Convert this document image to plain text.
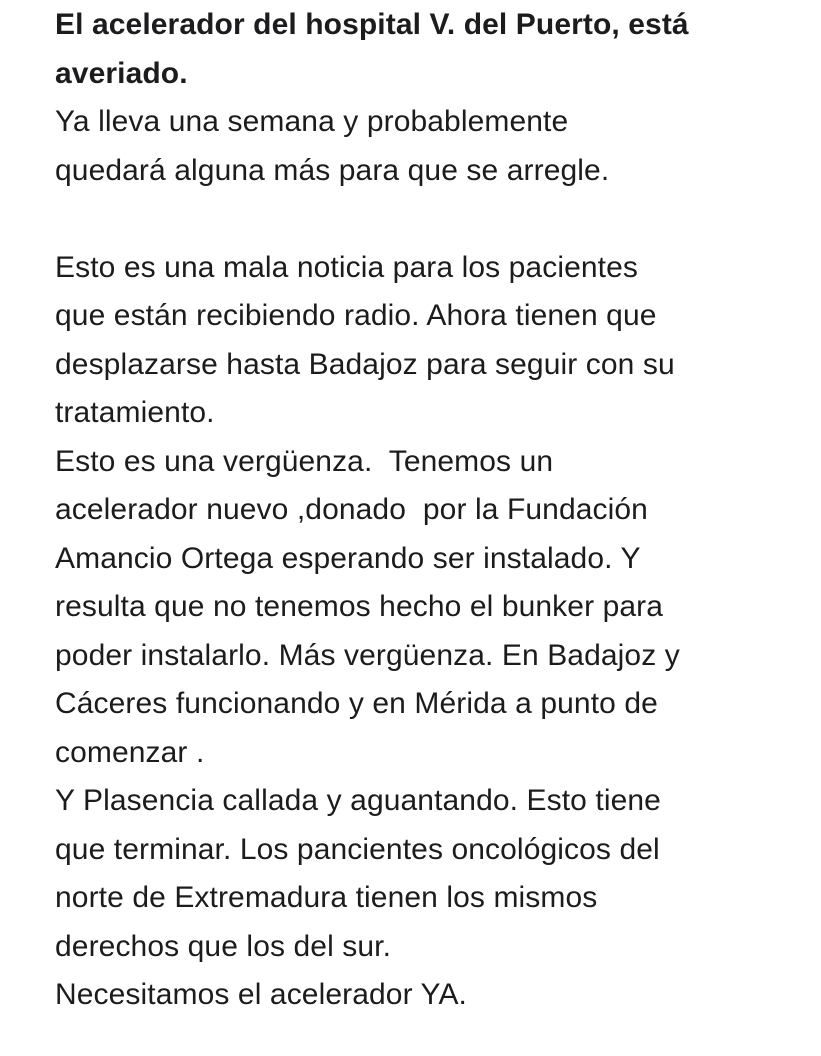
El acelerador del hospital V. del Puerto, está
averiado.
Ya lleva una semana y probablemente
quedará alguna más para que se arregle.
Esto es una mala noticia para los pacientes
que están recibiendo radio. Ahora tienen que
desplazarse hasta Badajoz para seguir con su
tratamiento.
Esto es una vergüenza.  Tenemos un
acelerador nuevo ,donado  por la Fundación
Amancio Ortega esperando ser instalado. Y
resulta que no tenemos hecho el bunker para
poder instalarlo. Más vergüenza. En Badajoz y
Cáceres funcionando y en Mérida a punto de
comenzar .
Y Plasencia callada y aguantando. Esto tiene
que terminar. Los pancientes oncológicos del
norte de Extremadura tienen los mismos
derechos que los del sur.
Necesitamos el acelerador YA.
